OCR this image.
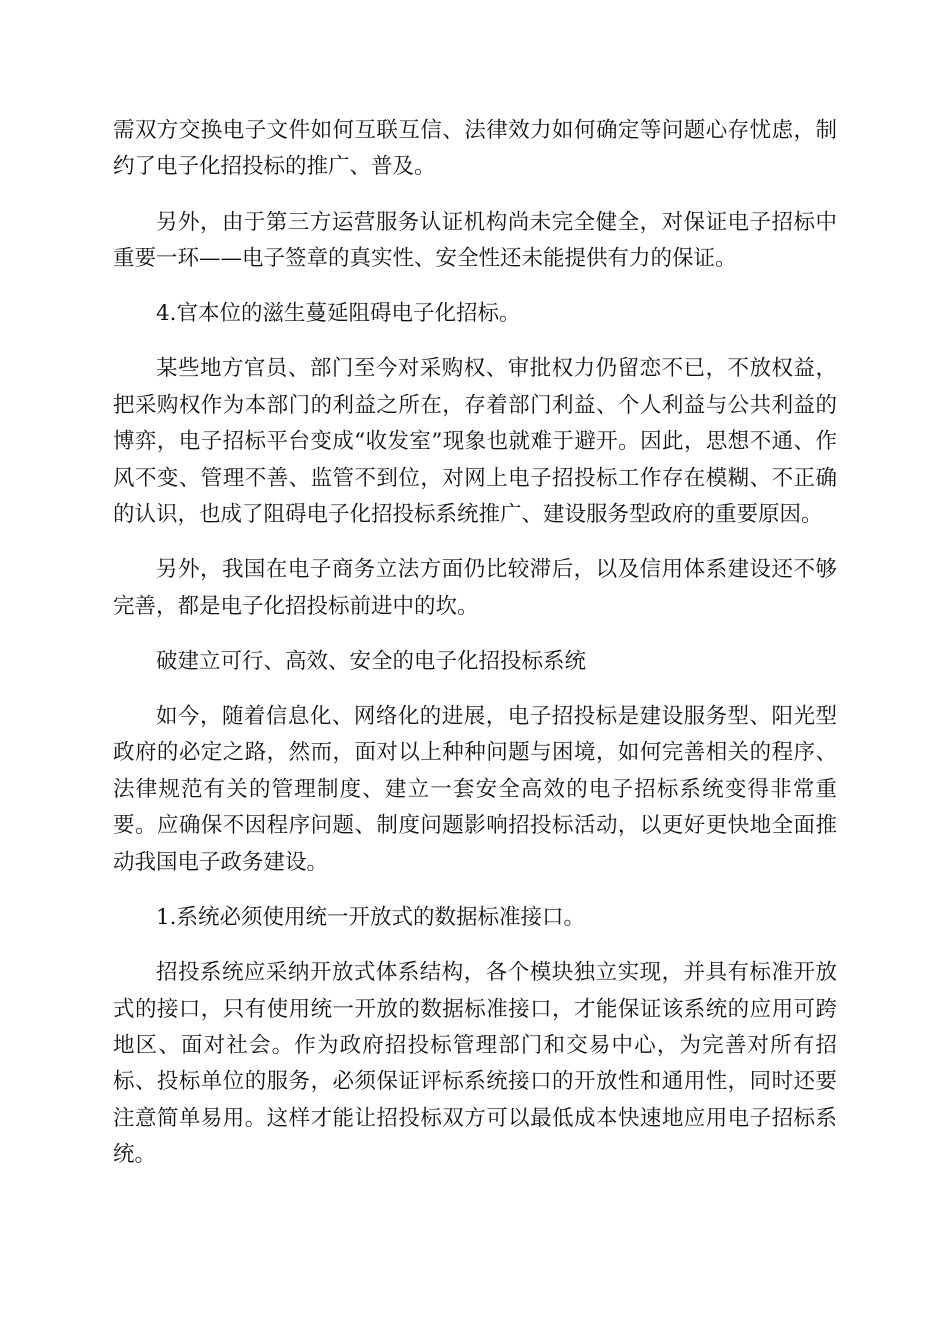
需双方交换电子文件如何互联互信、法律效力如何确定等问题心存忧虑，制约了电子化招投标的推广、普及。

另外，由于第三方运营服务认证机构尚未完全健全，对保证电子招标中重要一环——电子签章的真实性、安全性还未能提供有力的保证。

4.官本位的滋生蔓延阻碍电子化招标。

某些地方官员、部门至今对采购权、审批权力仍留恋不已，不放权益，把采购权作为本部门的利益之所在，存着部门利益、个人利益与公共利益的博弈，电子招标平台变成“收发室”现象也就难于避开。因此，思想不通、作风不变、管理不善、监管不到位，对网上电子招投标工作存在模糊、不正确的认识，也成了阻碍电子化招投标系统推广、建设服务型政府的重要原因。

另外，我国在电子商务立法方面仍比较滞后，以及信用体系建设还不够完善，都是电子化招投标前进中的坎。

破建立可行、高效、安全的电子化招投标系统

如今，随着信息化、网络化的进展，电子招投标是建设服务型、阳光型政府的必定之路，然而，面对以上种种问题与困境，如何完善相关的程序、法律规范有关的管理制度、建立一套安全高效的电子招标系统变得非常重要。应确保不因程序问题、制度问题影响招投标活动，以更好更快地全面推动我国电子政务建设。

1.系统必须使用统一开放式的数据标准接口。

招投系统应采纳开放式体系结构，各个模块独立实现，并具有标准开放式的接口，只有使用统一开放的数据标准接口，才能保证该系统的应用可跨地区、面对社会。作为政府招投标管理部门和交易中心，为完善对所有招标、投标单位的服务，必须保证评标系统接口的开放性和通用性，同时还要注意简单易用。这样才能让招投标双方可以最低成本快速地应用电子招标系统。
